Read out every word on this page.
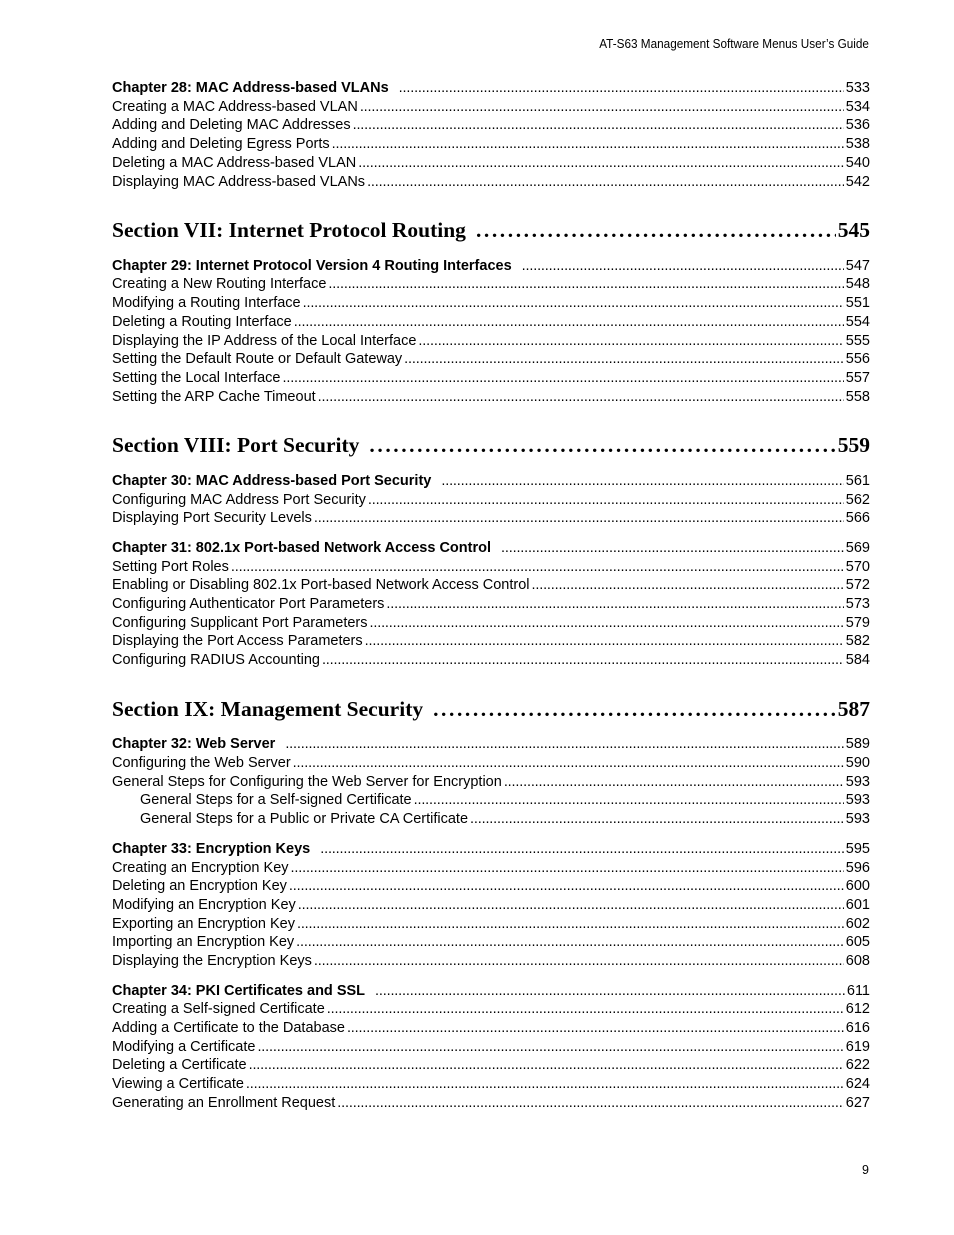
AT-S63 Management Software Menus User’s Guide
Chapter 28: MAC Address-based VLANs . . .	533
Creating a MAC Address-based VLAN . . .	534
Adding and Deleting MAC Addresses . . .	536
Adding and Deleting Egress Ports . . .	538
Deleting a MAC Address-based VLAN . . .	540
Displaying MAC Address-based VLANs . . .	542
Section VII: Internet Protocol Routing . . .	545
Chapter 29: Internet Protocol Version 4 Routing Interfaces . . .	547
Creating a New Routing Interface . . .	548
Modifying a Routing Interface . . .	551
Deleting a Routing Interface . . .	554
Displaying the IP Address of the Local Interface . . .	555
Setting the Default Route or Default Gateway . . .	556
Setting the Local Interface . . .	557
Setting the ARP Cache Timeout . . .	558
Section VIII: Port Security . . .	559
Chapter 30: MAC Address-based Port Security . . .	561
Configuring MAC Address Port Security . . .	562
Displaying Port Security Levels . . .	566
Chapter 31: 802.1x Port-based Network Access Control . . .	569
Setting Port Roles . . .	570
Enabling or Disabling 802.1x Port-based Network Access Control . . .	572
Configuring Authenticator Port Parameters . . .	573
Configuring Supplicant Port Parameters . . .	579
Displaying the Port Access Parameters . . .	582
Configuring RADIUS Accounting . . .	584
Section IX: Management Security . . .	587
Chapter 32: Web Server . . .	589
Configuring the Web Server . . .	590
General Steps for Configuring the Web Server for Encryption . . .	593
General Steps for a Self-signed Certificate . . .	593
General Steps for a Public or Private CA Certificate . . .	593
Chapter 33: Encryption Keys . . .	595
Creating an Encryption Key . . .	596
Deleting an Encryption Key . . .	600
Modifying an Encryption Key . . .	601
Exporting an Encryption Key . . .	602
Importing an Encryption Key . . .	605
Displaying the Encryption Keys . . .	608
Chapter 34: PKI Certificates and SSL . . .	611
Creating a Self-signed Certificate . . .	612
Adding a Certificate to the Database . . .	616
Modifying a Certificate . . .	619
Deleting a Certificate . . .	622
Viewing a Certificate . . .	624
Generating an Enrollment Request . . .	627
9
